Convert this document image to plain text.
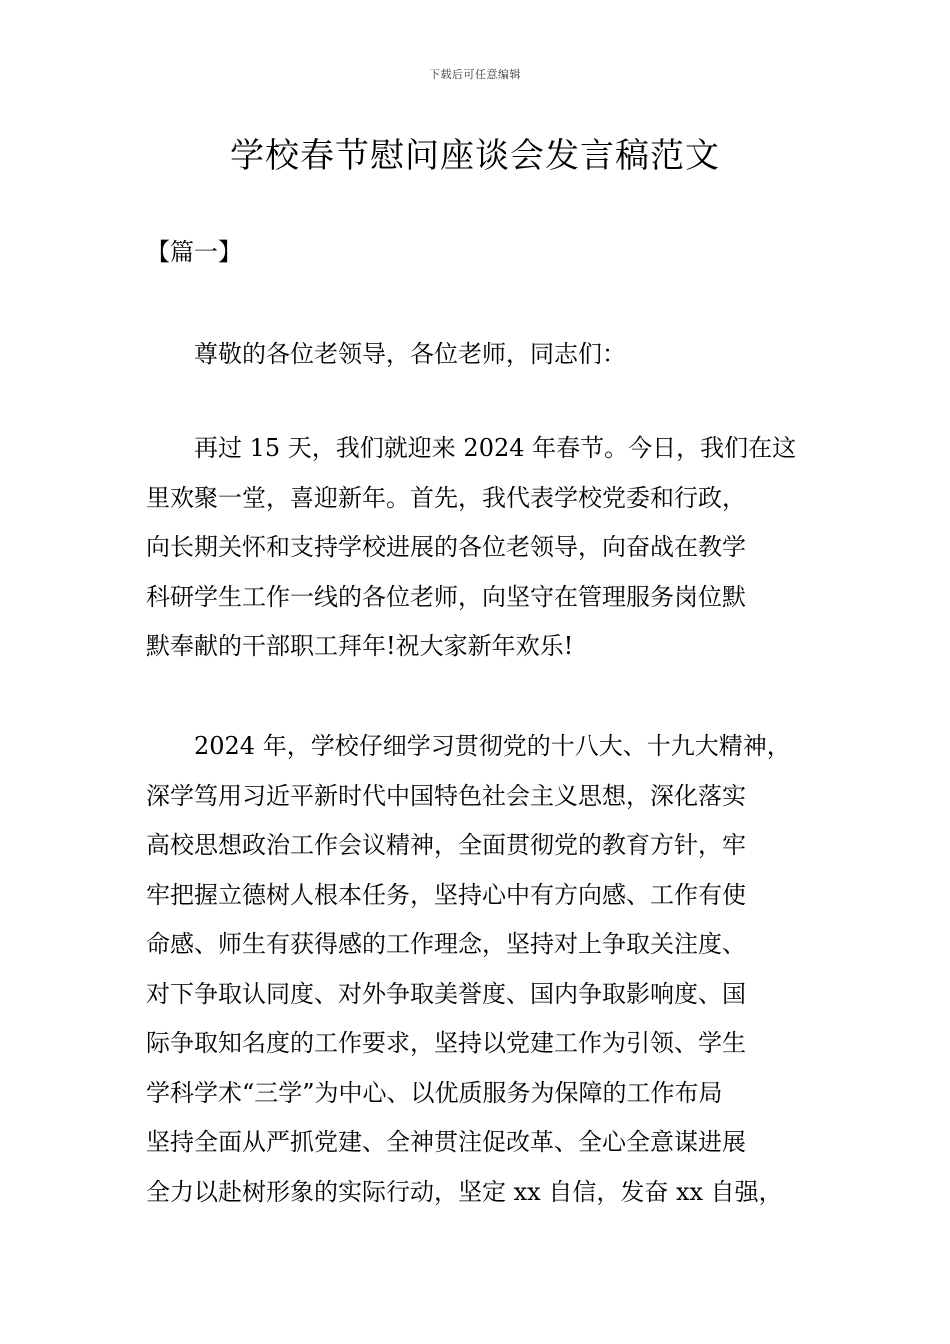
下载后可任意编辑
学校春节慰问座谈会发言稿范文
【篇一】

尊敬的各位老领导，各位老师，同志们：

再过 15 天，我们就迎来 2024 年春节。今日，我们在这
里欢聚一堂，喜迎新年。首先，我代表学校党委和行政，
向长期关怀和支持学校进展的各位老领导，向奋战在教学
科研学生工作一线的各位老师，向坚守在管理服务岗位默
默奉献的干部职工拜年!祝大家新年欢乐!

2024 年，学校仔细学习贯彻党的十八大、十九大精神，
深学笃用习近平新时代中国特色社会主义思想，深化落实
高校思想政治工作会议精神，全面贯彻党的教育方针，牢
牢把握立德树人根本任务，坚持心中有方向感、工作有使
命感、师生有获得感的工作理念，坚持对上争取关注度、
对下争取认同度、对外争取美誉度、国内争取影响度、国
际争取知名度的工作要求，坚持以党建工作为引领、学生
学科学术“三学”为中心、以优质服务为保障的工作布局
坚持全面从严抓党建、全神贯注促改革、全心全意谋进展
全力以赴树形象的实际行动，坚定 xx 自信，发奋 xx 自强，
